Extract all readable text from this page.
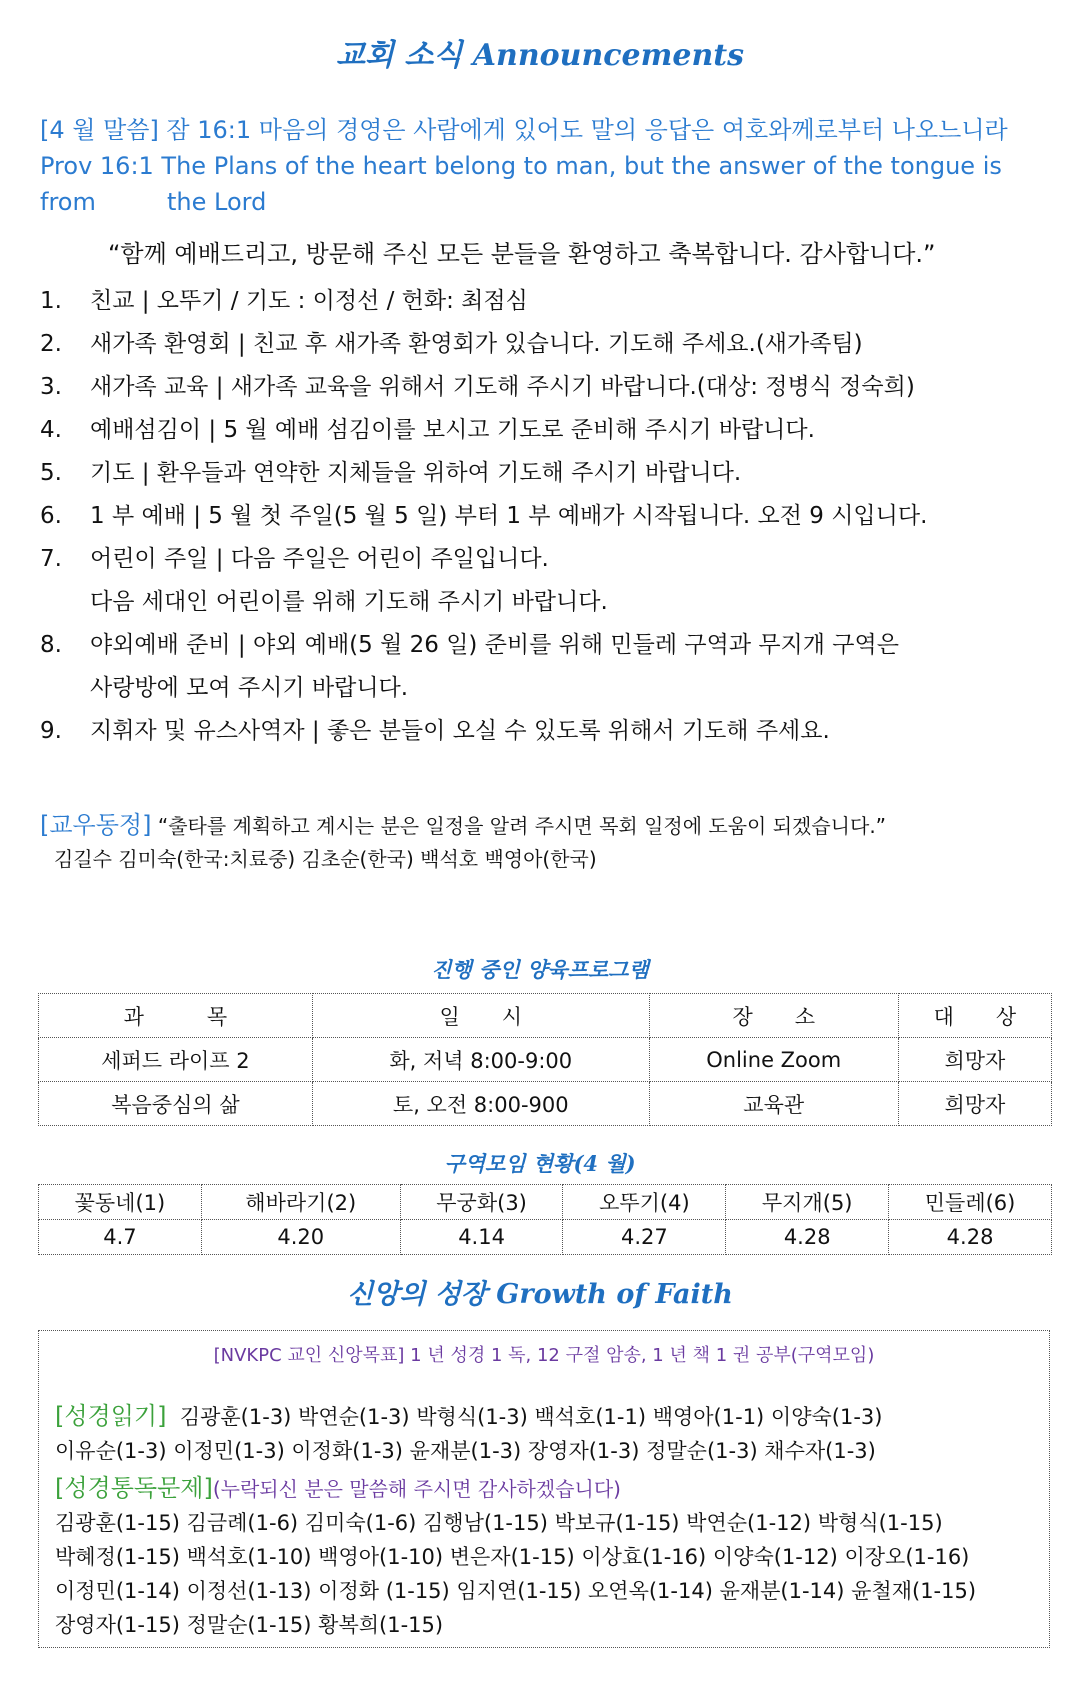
교회 소식 Announcements
[4 월 말씀] 잠 16:1 마음의 경영은 사람에게 있어도 말의 응답은 여호와께로부터 나오느니라
Prov 16:1 The Plans of the heart belong to man, but the answer of the tongue is from	the Lord
“함께 예배드리고, 방문해 주신 모든 분들을 환영하고 축복합니다. 감사합니다.”
1.	친교 | 오뚜기 / 기도 : 이정선 / 헌화: 최점심
2.	새가족 환영회 | 친교 후 새가족 환영회가 있습니다. 기도해 주세요.(새가족팀)
3.	새가족 교육 | 새가족 교육을 위해서 기도해 주시기 바랍니다.(대상: 정병식 정숙희)
4.	예배섬김이 | 5 월 예배 섬김이를 보시고 기도로 준비해 주시기 바랍니다.
5.	기도 | 환우들과 연약한 지체들을 위하여 기도해 주시기 바랍니다.
6.	1 부 예배 | 5 월 첫 주일(5 월 5 일) 부터 1 부 예배가 시작됩니다. 오전 9 시입니다.
7.	어린이 주일 | 다음 주일은 어린이 주일입니다.
다음 세대인 어린이를 위해 기도해 주시기 바랍니다.
8.	야외예배 준비 | 야외 예배(5 월 26 일) 준비를 위해 민들레 구역과 무지개 구역은
사랑방에 모여 주시기 바랍니다.
9.	지휘자 및 유스사역자 | 좋은 분들이 오실 수 있도록 위해서 기도해 주세요.
[교우동정] “출타를 계획하고 계시는 분은 일정을 알려 주시면 목회 일정에 도움이 되겠습니다.”
김길수 김미숙(한국:치료중) 김초순(한국) 백석호 백영아(한국)
진행 중인 양육프로그램
과　　　목	일　　시	장　　소	대　　상
세퍼드 라이프 2	화, 저녁 8:00-9:00	Online Zoom	희망자
복음중심의 삶	토, 오전 8:00-900	교육관	희망자
구역모임 현황(4 월)
꽃동네(1)	해바라기(2)	무궁화(3)	오뚜기(4)	무지개(5)	민들레(6)
4.7	4.20	4.14	4.27	4.28	4.28
신앙의 성장 Growth of Faith
[NVKPC 교인 신앙목표] 1 년 성경 1 독, 12 구절 암송, 1 년 책 1 권 공부(구역모임)
[성경읽기] 김광훈(1-3) 박연순(1-3) 박형식(1-3) 백석호(1-1) 백영아(1-1) 이양숙(1-3)
이유순(1-3) 이정민(1-3) 이정화(1-3) 윤재분(1-3) 장영자(1-3) 정말순(1-3) 채수자(1-3)
[성경통독문제](누락되신 분은 말씀해 주시면 감사하겠습니다)
김광훈(1-15) 김금례(1-6) 김미숙(1-6) 김행남(1-15) 박보규(1-15) 박연순(1-12) 박형식(1-15)
박혜정(1-15) 백석호(1-10) 백영아(1-10) 변은자(1-15) 이상효(1-16) 이양숙(1-12) 이장오(1-16)
이정민(1-14) 이정선(1-13) 이정화 (1-15) 임지연(1-15) 오연옥(1-14) 윤재분(1-14) 윤철재(1-15)
장영자(1-15) 정말순(1-15) 황복희(1-15)
